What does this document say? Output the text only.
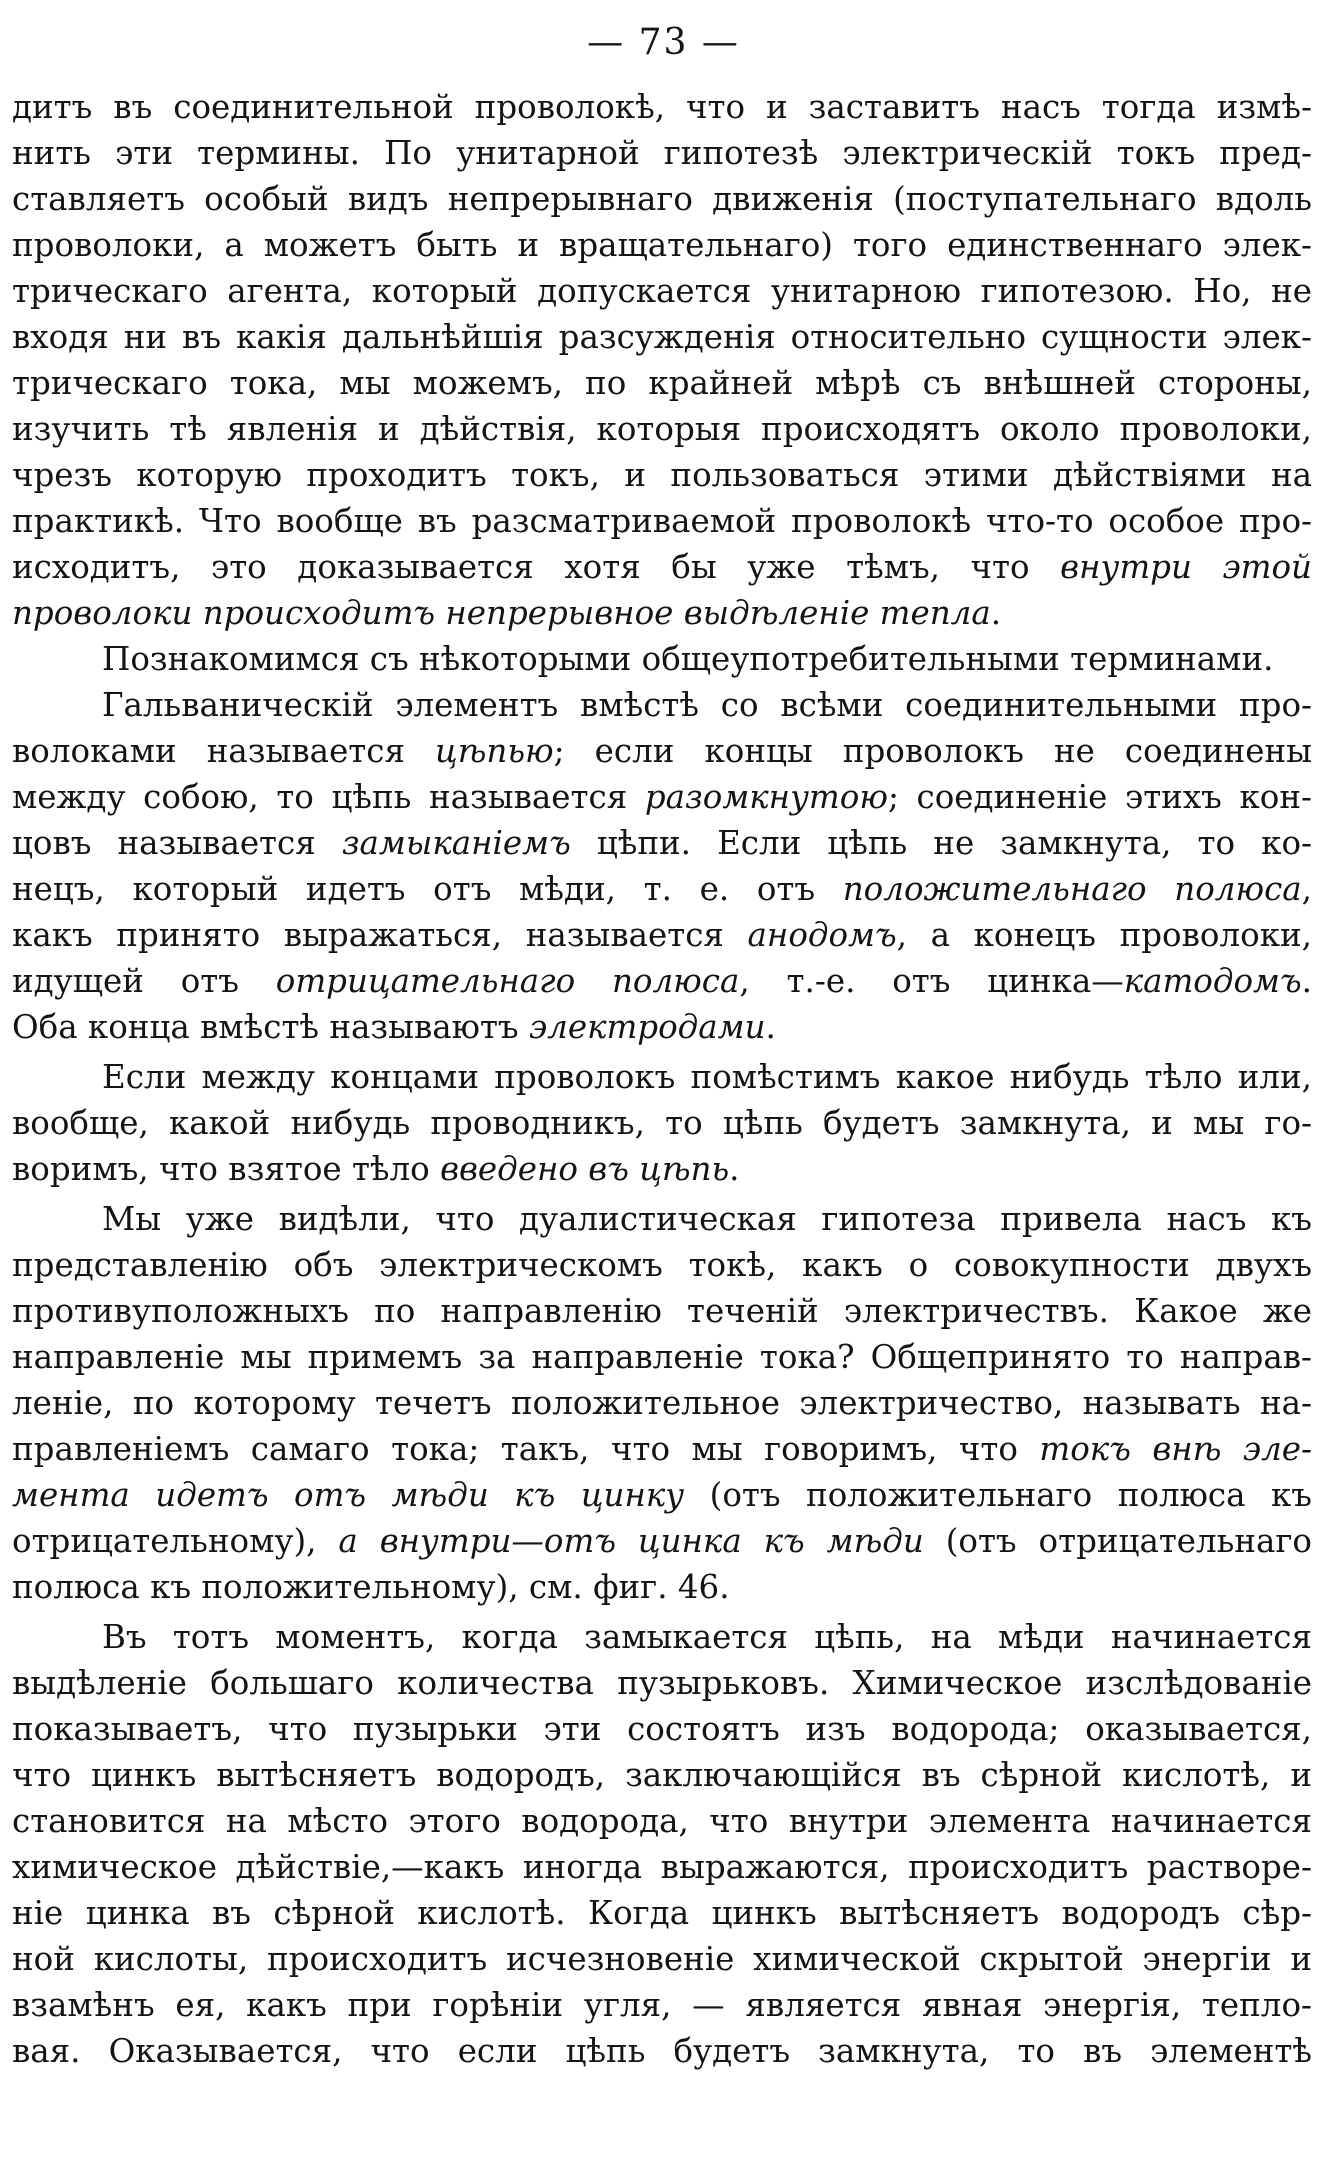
— 73 —
дитъ въ соединительной проволокѣ, что и заставитъ насъ тогда измѣ-
нить эти термины. По унитарной гипотезѣ электрическій токъ пред-
ставляетъ особый видъ непрерывнаго движенія (поступательнаго вдоль
проволоки, а можетъ быть и вращательнаго) того единственнаго элек-
трическаго агента, который допускается унитарною гипотезою. Но, не
входя ни въ какія дальнѣйшія разсужденія относительно сущности элек-
трическаго тока, мы можемъ, по крайней мѣрѣ съ внѣшней стороны,
изучить тѣ явленія и дѣйствія, которыя происходятъ около проволоки,
чрезъ которую проходитъ токъ, и пользоваться этими дѣйствіями на
практикѣ. Что вообще въ разсматриваемой проволокѣ что-то особое про-
исходитъ, это доказывается хотя бы уже тѣмъ, что внутри этой
проволоки происходитъ непрерывное выдѣленіе тепла.
Познакомимся съ нѣкоторыми общеупотребительными терминами.
Гальваническій элементъ вмѣстѣ со всѣми соединительными про-
волоками называется цѣпью; если концы проволокъ не соединены
между собою, то цѣпь называется разомкнутою; соединеніе этихъ кон-
цовъ называется замыканіемъ цѣпи. Если цѣпь не замкнута, то ко-
нецъ, который идетъ отъ мѣди, т. е. отъ положительнаго полюса,
какъ принято выражаться, называется анодомъ, а конецъ проволоки,
идущей отъ отрицательнаго полюса, т.-е. отъ цинка—катодомъ.
Оба конца вмѣстѣ называютъ электродами.
Если между концами проволокъ помѣстимъ какое нибудь тѣло или,
вообще, какой нибудь проводникъ, то цѣпь будетъ замкнута, и мы го-
воримъ, что взятое тѣло введено въ цѣпь.
Мы уже видѣли, что дуалистическая гипотеза привела насъ къ
представленію объ электрическомъ токѣ, какъ о совокупности двухъ
противуположныхъ по направленію теченій электричествъ. Какое же
направленіе мы примемъ за направленіе тока? Общепринято то направ-
леніе, по которому течетъ положительное электричество, называть на-
правленіемъ самаго тока; такъ, что мы говоримъ, что токъ внѣ эле-
мента идетъ отъ мѣди къ цинку (отъ положительнаго полюса къ
отрицательному), а внутри—отъ цинка къ мѣди (отъ отрицательнаго
полюса къ положительному), см. фиг. 46.
Въ тотъ моментъ, когда замыкается цѣпь, на мѣди начинается
выдѣленіе большаго количества пузырьковъ. Химическое изслѣдованіе
показываетъ, что пузырьки эти состоятъ изъ водорода; оказывается,
что цинкъ вытѣсняетъ водородъ, заключающійся въ сѣрной кислотѣ, и
становится на мѣсто этого водорода, что внутри элемента начинается
химическое дѣйствіе,—какъ иногда выражаются, происходитъ растворе-
ніе цинка въ сѣрной кислотѣ. Когда цинкъ вытѣсняетъ водородъ сѣр-
ной кислоты, происходитъ исчезновеніе химической скрытой энергіи и
взамѣнъ ея, какъ при горѣніи угля, — является явная энергія, тепло-
вая. Оказывается, что если цѣпь будетъ замкнута, то въ элементѣ
